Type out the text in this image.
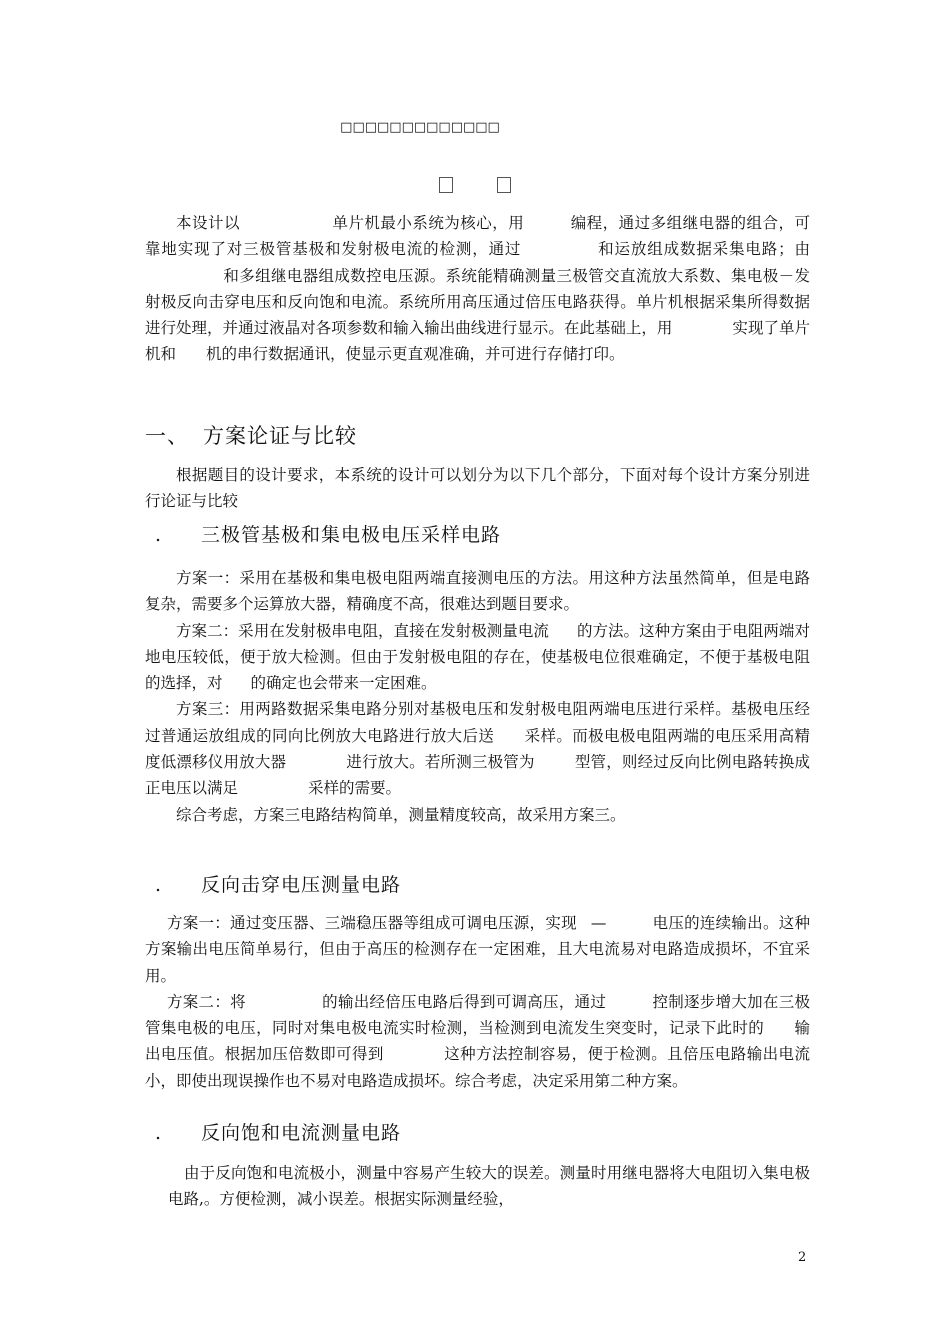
□□□□□□□□□□□□□

本设计以	单片机最小系统为核心，用	编程，通过多组继电器的组合，可靠地实现了对三极管基极和发射极电流的检测，通过	和运放组成数据采集电路；由和多组继电器组成数控电压源。系统能精确测量三极管交直流放大系数、集电极－发射极反向击穿电压和反向饱和电流。系统所用高压通过倍压电路获得。单片机根据采集所得数据进行处理，并通过液晶对各项参数和输入输出曲线进行显示。在此基础上，用	实现了单片机和 机的串行数据通讯，使显示更直观准确，并可进行存储打印。

一、 方案论证与比较

根据题目的设计要求，本系统的设计可以划分为以下几个部分，下面对每个设计方案分别进行论证与比较

. 三极管基极和集电极电压采样电路

方案一：采用在基极和集电极电阻两端直接测电压的方法。用这种方法虽然简单，但是电路复杂，需要多个运算放大器，精确度不高，很难达到题目要求。
方案二：采用在发射极串电阻，直接在发射极测量电流 的方法。这种方案由于电阻两端对地电压较低，便于放大检测。但由于发射极电阻的存在，使基极电位很难确定，不便于基极电阻的选择，对 的确定也会带来一定困难。
方案三：用两路数据采集电路分别对基极电压和发射极电阻两端电压进行采样。基极电压经过普通运放组成的同向比例放大电路进行放大后送 采样。而极电极电阻两端的电压采用高精度低漂移仪用放大器	进行放大。若所测三极管为	型管，则经过反向比例电路转换成正电压以满足	采样的需要。
综合考虑，方案三电路结构简单，测量精度较高，故采用方案三。

. 反向击穿电压测量电路

方案一：通过变压器、三端稳压器等组成可调电压源，实现 —	电压的连续输出。这种方案输出电压简单易行，但由于高压的检测存在一定困难，且大电流易对电路造成损坏，不宜采用。
方案二：将	的输出经倍压电路后得到可调高压，通过	控制逐步增大加在三极管集电极的电压，同时对集电极电流实时检测，当检测到电流发生突变时，记录下此时的 输出电压值。根据加压倍数即可得到	这种方法控制容易，便于检测。且倍压电路输出电流小，即使出现误操作也不易对电路造成损坏。综合考虑，决定采用第二种方案。

. 反向饱和电流测量电路

由于反向饱和电流极小，测量中容易产生较大的误差。测量时用继电器将大电阻切入集电极电路,。方便检测，减小误差。根据实际测量经验，

2
